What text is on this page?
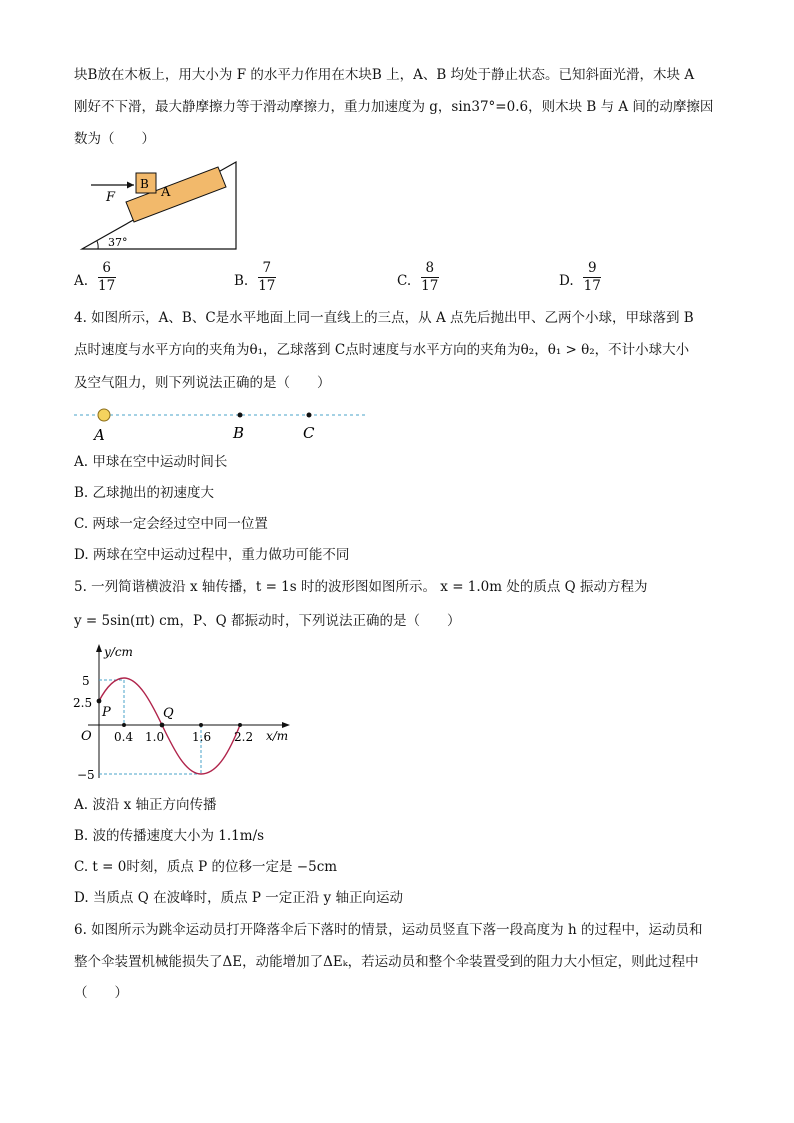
块B放在木板上，用大小为 F 的水平力作用在木块B 上，A、B 均处于静止状态。已知斜面光滑，木块 A
刚好不下滑，最大静摩擦力等于滑动摩擦力，重力加速度为 g，sin37°=0.6，则木块 B 与 A 间的动摩擦因
数为（　　）
F
B
A
37°
A. $\frac{6}{17}$	B. $\frac{7}{17}$	C. $\frac{8}{17}$	D. $\frac{9}{17}$
4. 如图所示，A、B、C是水平地面上同一直线上的三点，从 A 点先后抛出甲、乙两个小球，甲球落到 B
点时速度与水平方向的夹角为θ₁，乙球落到 C点时速度与水平方向的夹角为θ₂，θ₁ > θ₂，不计小球大小
及空气阻力，则下列说法正确的是（　　）
A	B	C
A. 甲球在空中运动时间长
B. 乙球抛出的初速度大
C. 两球一定会经过空中同一位置
D. 两球在空中运动过程中，重力做功可能不同
5. 一列简谐横波沿 x 轴传播，t = 1s 时的波形图如图所示。 x = 1.0m 处的质点 Q 振动方程为
y = 5sin(πt) cm，P、Q 都振动时，下列说法正确的是（　　）
y/cm
x/m
O
5
2.5
−5
0.4 1.0 1.6 2.2
P	Q
A. 波沿 x 轴正方向传播
B. 波的传播速度大小为 1.1m/s
C. t = 0时刻，质点 P 的位移一定是 −5cm
D. 当质点 Q 在波峰时，质点 P 一定正沿 y 轴正向运动
6. 如图所示为跳伞运动员打开降落伞后下落时的情景，运动员竖直下落一段高度为 h 的过程中，运动员和
整个伞装置机械能损失了ΔE，动能增加了ΔEₖ，若运动员和整个伞装置受到的阻力大小恒定，则此过程中
（　　）
